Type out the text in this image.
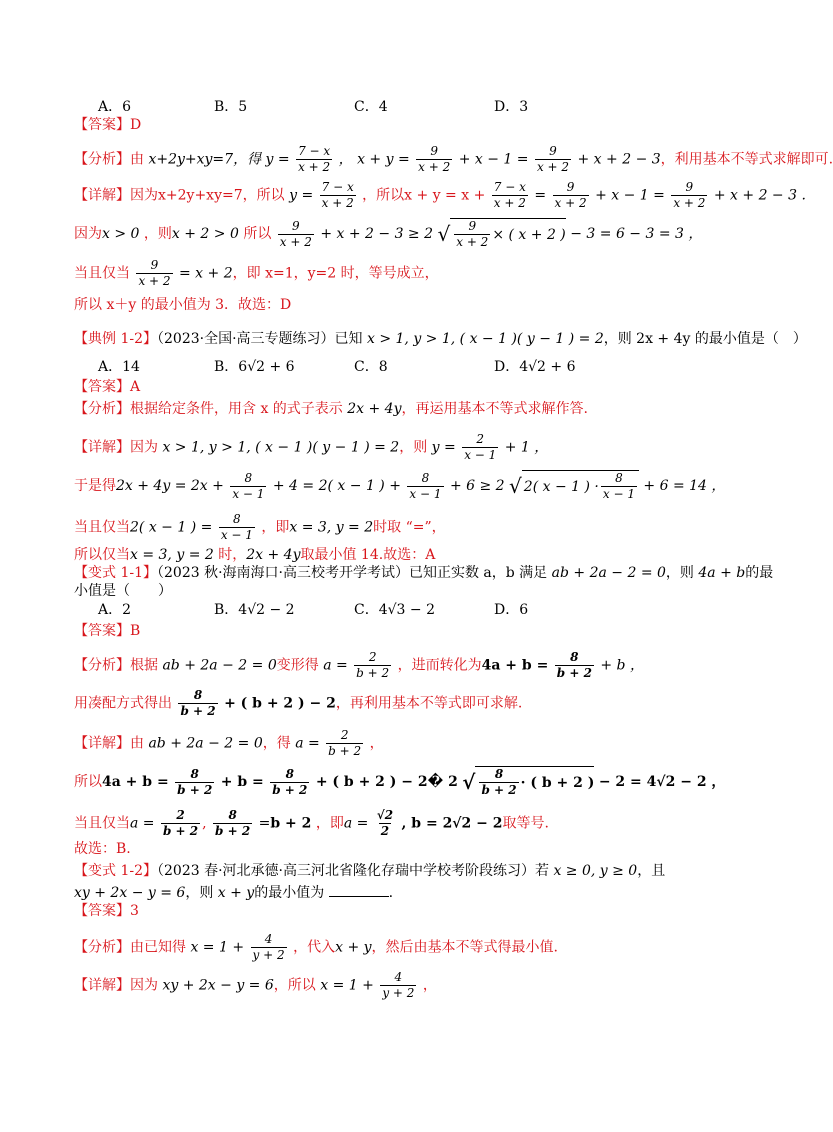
A．6	B．5	C．4	D．3
【答案】D
【分析】由 x+2y+xy=7，得 $y = \frac{7 - x}{x + 2}$ ， $x + y = \frac{9}{x + 2} + x - 1 = \frac{9}{x + 2} + x + 2 - 3$，利用基本不等式求解即可.
【详解】因为x+2y+xy=7，所以 $y = \frac{7 - x}{x + 2}$ ，所以$x + y = x + \frac{7 - x}{x + 2} = \frac{9}{x + 2} + x - 1 = \frac{9}{x + 2} + x + 2 - 3$ .
因为x > 0 ，则x + 2 > 0 所以 $\frac{9}{x + 2} + x + 2 - 3 \ge 2$ √ $\frac{9}{x + 2}$ × ( x + 2 ) − 3 = 6 − 3 = 3 ，
当且仅当 $\frac{9}{x + 2} = x + 2$，即 x=1，y=2 时，等号成立，
所以 x＋y 的最小值为 3．故选：D
【典例 1-2】（2023·全国·高三专题练习）已知 x > 1, y > 1, ( x − 1 )( y − 1 ) = 2，则 2x + 4y 的最小值是（　）
A．14	B．6√2 + 6	C．8	D．4√2 + 6
【答案】A
【分析】根据给定条件，用含 x 的式子表示 2x + 4y，再运用基本不等式求解作答.
【详解】因为 x > 1, y > 1, ( x − 1 )( y − 1 ) = 2，则 $y = \frac{2}{x - 1} + 1$ ，
于是得$2x + 4y = 2x + \frac{8}{x - 1} + 4 = 2$( x − 1 ) + $\frac{8}{x - 1} + 6 \ge 2$ √ 2( x − 1 ) · $\frac{8}{x - 1} + 6 = 14$ ，
当且仅当2( x − 1 ) = $\frac{8}{x - 1}$ ，即x = 3, y = 2时取 “=”，
所以仅当x = 3, y = 2 时，2x + 4y取最小值 14.故选：A
【变式 1-1】（2023 秋·海南海口·高三校考开学考试）已知正实数 a，b 满足 ab + 2a − 2 = 0，则 4a + b的最
小值是（　　）
A．2	B．4√2 − 2	C．4√3 − 2	D．6
【答案】B
【分析】根据 ab + 2a − 2 = 0变形得 $a = \frac{2}{b + 2}$ ，进而转化为$4a + b = \frac{8}{b + 2} + b$ ，
用凑配方式得出 $\frac{8}{b + 2}$ + ( b + 2 ) − 2，再利用基本不等式即可求解.
【详解】由 ab + 2a − 2 = 0，得 $a = \frac{2}{b + 2}$ ，
所以$4a + b = \frac{8}{b + 2} + b = \frac{8}{b + 2}$ + ( b + 2 ) − 2� 2 √ $\frac{8}{b + 2}$ · ( b + 2 ) − 2 = 4√2 − 2 ，
当且仅当$a = \frac{2}{b + 2}$ , $\frac{8}{b + 2} =b + 2$ ，即$a = \frac{√2}{2}$ , b = 2√2 − 2取等号.
故选：B.
【变式 1-2】（2023 春·河北承德·高三河北省隆化存瑞中学校考阶段练习）若 x ≥ 0, y ≥ 0，且
xy + 2x − y = 6，则 x + y的最小值为	.
【答案】3
【分析】由已知得 $x = 1 + \frac{4}{y + 2}$ ，代入x + y，然后由基本不等式得最小值.
【详解】因为 xy + 2x − y = 6，所以 $x = 1 + \frac{4}{y + 2}$ ，
